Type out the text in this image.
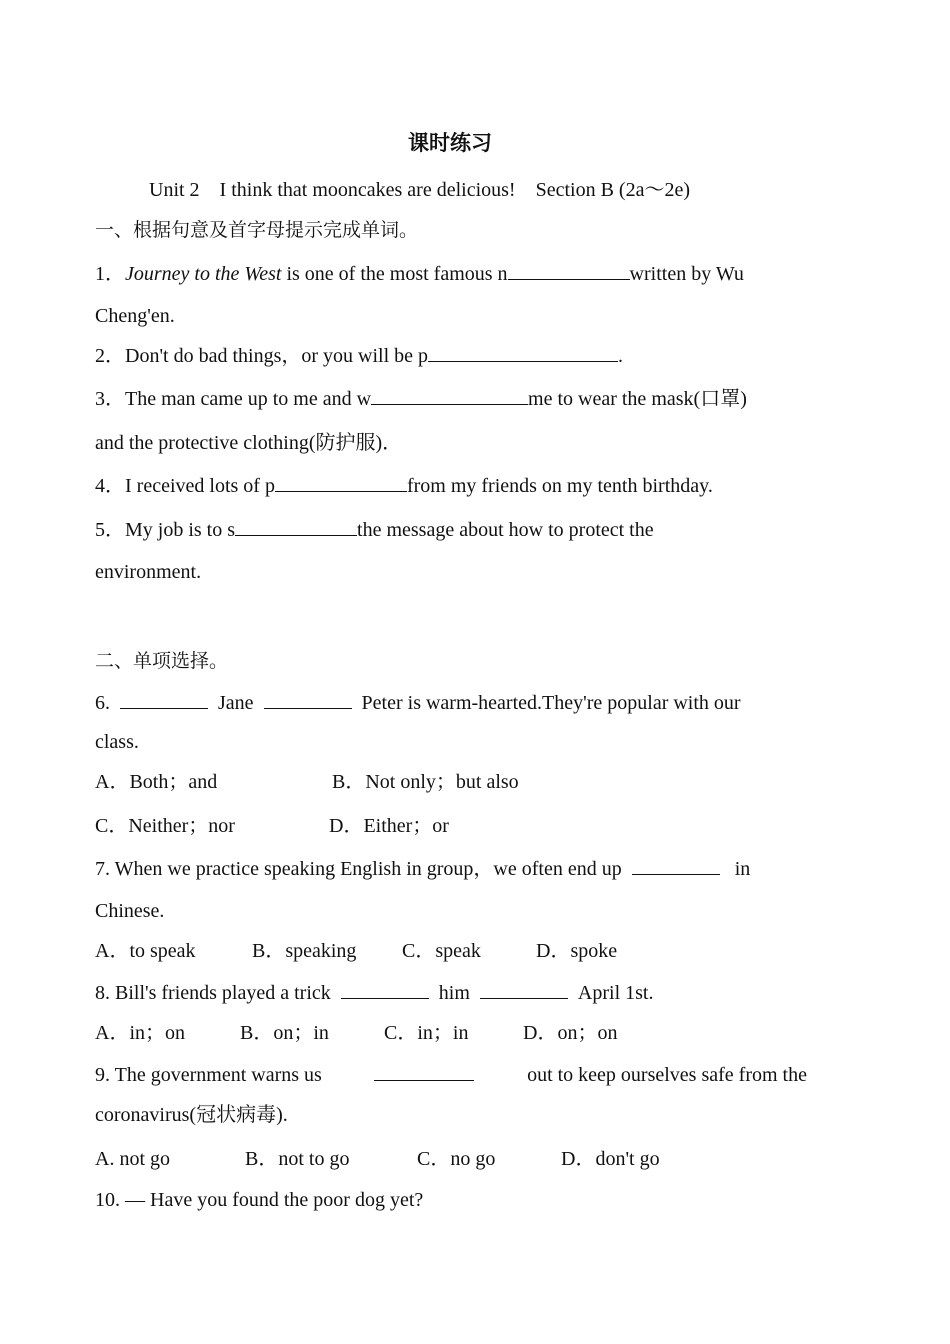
课时练习
Unit 2　I think that mooncakes are delicious!　Section B (2a～2e)
一、根据句意及首字母提示完成单词。
1．Journey to the West is one of the most famous n	written by Wu
Cheng'en.
2．Don't do bad things，or you will be p	.
3．The man came up to me and w	me to wear the mask(口罩)
and the protective clothing(防护服)．
4．I received lots of p	from my friends on my tenth birthday.
5．My job is to s	the message about how to protect the
environment.
二、单项选择。
6.	Jane	Peter is warm-hearted.They're popular with our
class.
A．Both；and	B．Not only；but also
C．Neither；nor	D．Either；or
7. When we practice speaking English in group，we often end up	in
Chinese.
A．to speak	B．speaking C．speak	D．spoke
8. Bill's friends played a trick	him	April 1st.
A．in；on	B．on；in	C．in；in	D．on；on
9. The government warns us	out to keep ourselves safe from the
coronavirus(冠状病毒).
A. not go	B．not to go	C．no go	D．don't go
10. — Have you found the poor dog yet?
